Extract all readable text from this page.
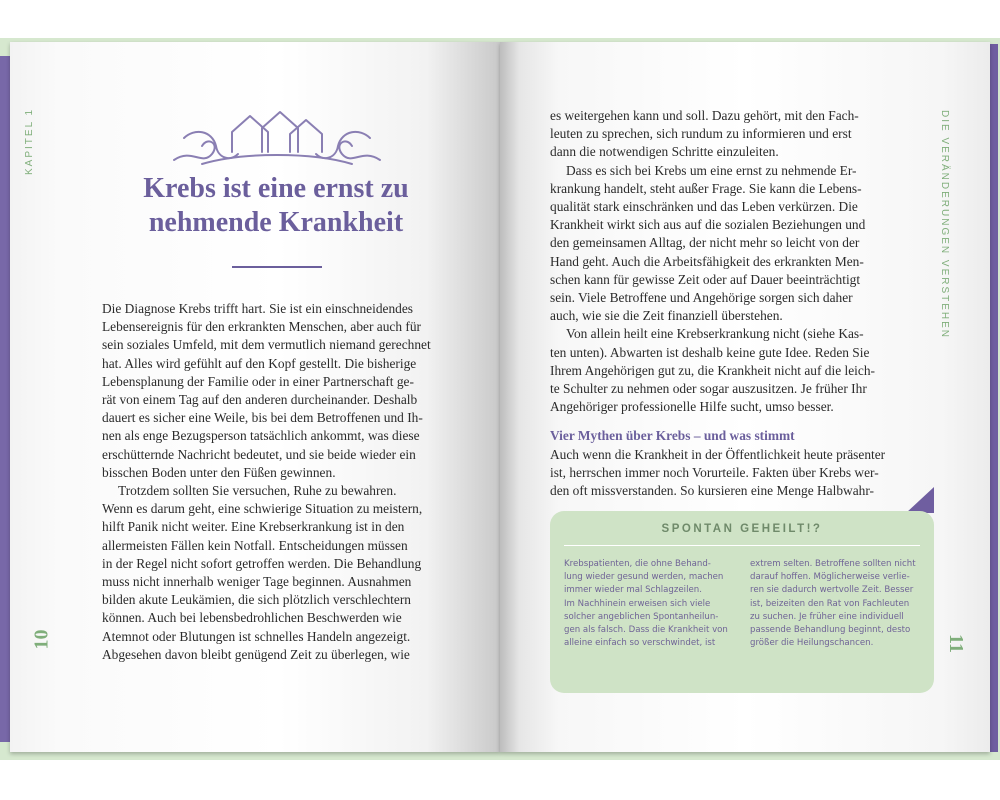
KAPITEL 1	DIE VERÄNDERUNGEN VERSTEHEN
10	11
Krebs ist eine ernst zu
nehmende Krankheit

Die Diagnose Krebs trifft hart. Sie ist ein einschneidendes

Lebensereignis für den erkrankten Menschen, aber auch für

sein soziales Umfeld, mit dem vermutlich niemand gerechnet

hat. Alles wird gefühlt auf den Kopf gestellt. Die bisherige

Lebensplanung der Familie oder in einer Partnerschaft ge-

rät von einem Tag auf den anderen durcheinander. Deshalb

dauert es sicher eine Weile, bis bei dem Betroffenen und Ih-

nen als enge Bezugsperson tatsächlich ankommt, was diese

erschütternde Nachricht bedeutet, und sie beide wieder ein

bisschen Boden unter den Füßen gewinnen.

Trotzdem sollten Sie versuchen, Ruhe zu bewahren.

Wenn es darum geht, eine schwierige Situation zu meistern,

hilft Panik nicht weiter. Eine Krebserkrankung ist in den

allermeisten Fällen kein Notfall. Entscheidungen müssen

in der Regel nicht sofort getroffen werden. Die Behandlung

muss nicht innerhalb weniger Tage beginnen. Ausnahmen

bilden akute Leukämien, die sich plötzlich verschlechtern

können. Auch bei lebensbedrohlichen Beschwerden wie

Atemnot oder Blutungen ist schnelles Handeln angezeigt.

Abgesehen davon bleibt genügend Zeit zu überlegen, wie

es weitergehen kann und soll. Dazu gehört, mit den Fach-

leuten zu sprechen, sich rundum zu informieren und erst

dann die notwendigen Schritte einzuleiten.

Dass es sich bei Krebs um eine ernst zu nehmende Er-

krankung handelt, steht außer Frage. Sie kann die Lebens-

qualität stark einschränken und das Leben verkürzen. Die

Krankheit wirkt sich aus auf die sozialen Beziehungen und

den gemeinsamen Alltag, der nicht mehr so leicht von der

Hand geht. Auch die Arbeitsfähigkeit des erkrankten Men-

schen kann für gewisse Zeit oder auf Dauer beeinträchtigt

sein. Viele Betroffene und Angehörige sorgen sich daher

auch, wie sie die Zeit finanziell überstehen.

Von allein heilt eine Krebserkrankung nicht (siehe Kas-

ten unten). Abwarten ist deshalb keine gute Idee. Reden Sie

Ihrem Angehörigen gut zu, die Krankheit nicht auf die leich-

te Schulter zu nehmen oder sogar auszusitzen. Je früher Ihr

Angehöriger professionelle Hilfe sucht, umso besser.

Vier Mythen über Krebs – und was stimmt

Auch wenn die Krankheit in der Öffentlichkeit heute präsenter

ist, herrschen immer noch Vorurteile. Fakten über Krebs wer-

den oft missverstanden. So kursieren eine Menge Halbwahr-

SPONTAN GEHEILT!?
Krebspatienten, die ohne Behand-
lung wieder gesund werden, machen
immer wieder mal Schlagzeilen.
Im Nachhinein erweisen sich viele
solcher angeblichen Spontanheilun-
gen als falsch. Dass die Krankheit von
alleine einfach so verschwindet, ist
extrem selten. Betroffene sollten nicht
darauf hoffen. Möglicherweise verlie-
ren sie dadurch wertvolle Zeit. Besser
ist, beizeiten den Rat von Fachleuten
zu suchen. Je früher eine individuell
passende Behandlung beginnt, desto
größer die Heilungschancen.
